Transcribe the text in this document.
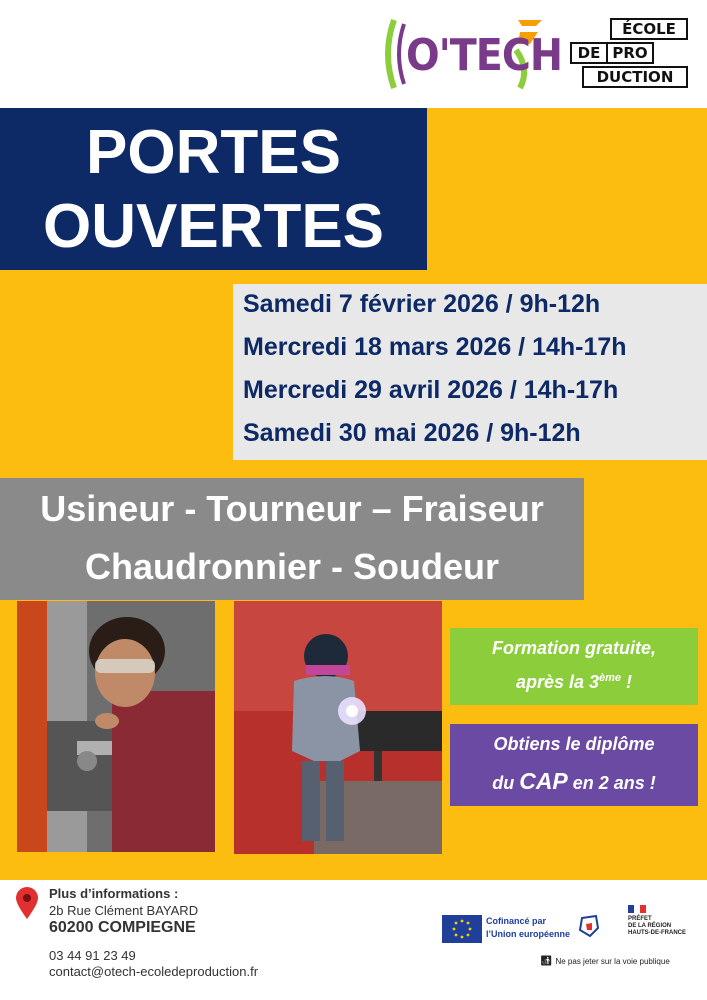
O'TECH
ÉCOLE
DE PRO
DUCTION
PORTES
OUVERTES
Samedi 7 février 2026 / 9h-12h
Mercredi 18 mars 2026 / 14h-17h
Mercredi 29 avril 2026 / 14h-17h
Samedi 30 mai 2026 / 9h-12h
Usineur - Tourneur – Fraiseur
Chaudronnier - Soudeur
Formation gratuite,
après la 3ème !
Obtiens le diplôme
du CAP en 2 ans !
Plus d’informations :
2b Rue Clément BAYARD
60200 COMPIEGNE
03 44 91 23 49
contact@otech-ecoledeproduction.fr
Cofinancé par
l’Union européenne
PRÉFET
DE LA RÉGION
HAUTS-DE-FRANCE
🚮︎ Ne pas jeter sur la voie publique
